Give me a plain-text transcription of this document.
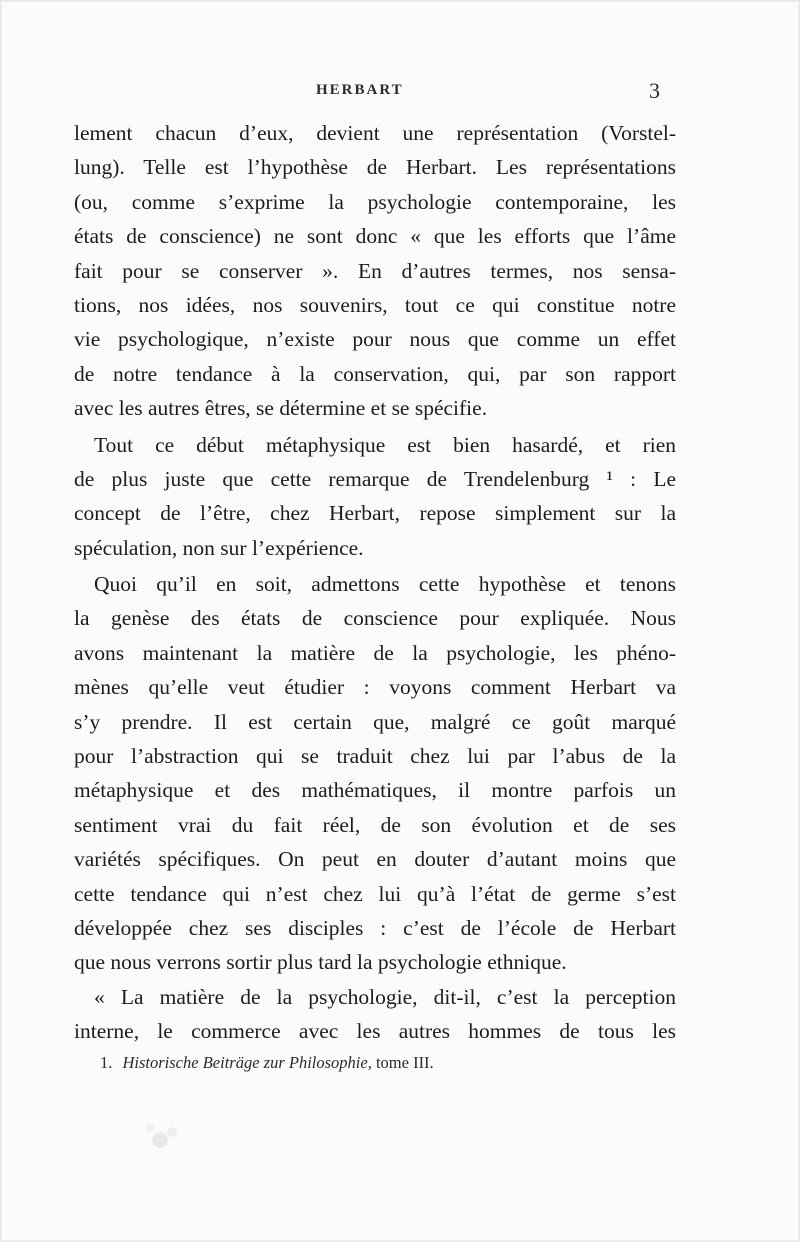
HERBART	3
lement chacun d’eux, devient une représentation (Vorstel-
lung). Telle est l’hypothèse de Herbart. Les représentations
(ou, comme s’exprime la psychologie contemporaine, les
états de conscience) ne sont donc « que les efforts que l’âme
fait pour se conserver ». En d’autres termes, nos sensa-
tions, nos idées, nos souvenirs, tout ce qui constitue notre
vie psychologique, n’existe pour nous que comme un effet
de notre tendance à la conservation, qui, par son rapport
avec les autres êtres, se détermine et se spécifie.
Tout ce début métaphysique est bien hasardé, et rien
de plus juste que cette remarque de Trendelenburg ¹ : Le
concept de l’être, chez Herbart, repose simplement sur la
spéculation, non sur l’expérience.
Quoi qu’il en soit, admettons cette hypothèse et tenons
la genèse des états de conscience pour expliquée. Nous
avons maintenant la matière de la psychologie, les phéno-
mènes qu’elle veut étudier : voyons comment Herbart va
s’y prendre. Il est certain que, malgré ce goût marqué
pour l’abstraction qui se traduit chez lui par l’abus de la
métaphysique et des mathématiques, il montre parfois un
sentiment vrai du fait réel, de son évolution et de ses
variétés spécifiques. On peut en douter d’autant moins que
cette tendance qui n’est chez lui qu’à l’état de germe s’est
développée chez ses disciples : c’est de l’école de Herbart
que nous verrons sortir plus tard la psychologie ethnique.
« La matière de la psychologie, dit-il, c’est la perception
interne, le commerce avec les autres hommes de tous les
1. Historische Beiträge zur Philosophie, tome III.
